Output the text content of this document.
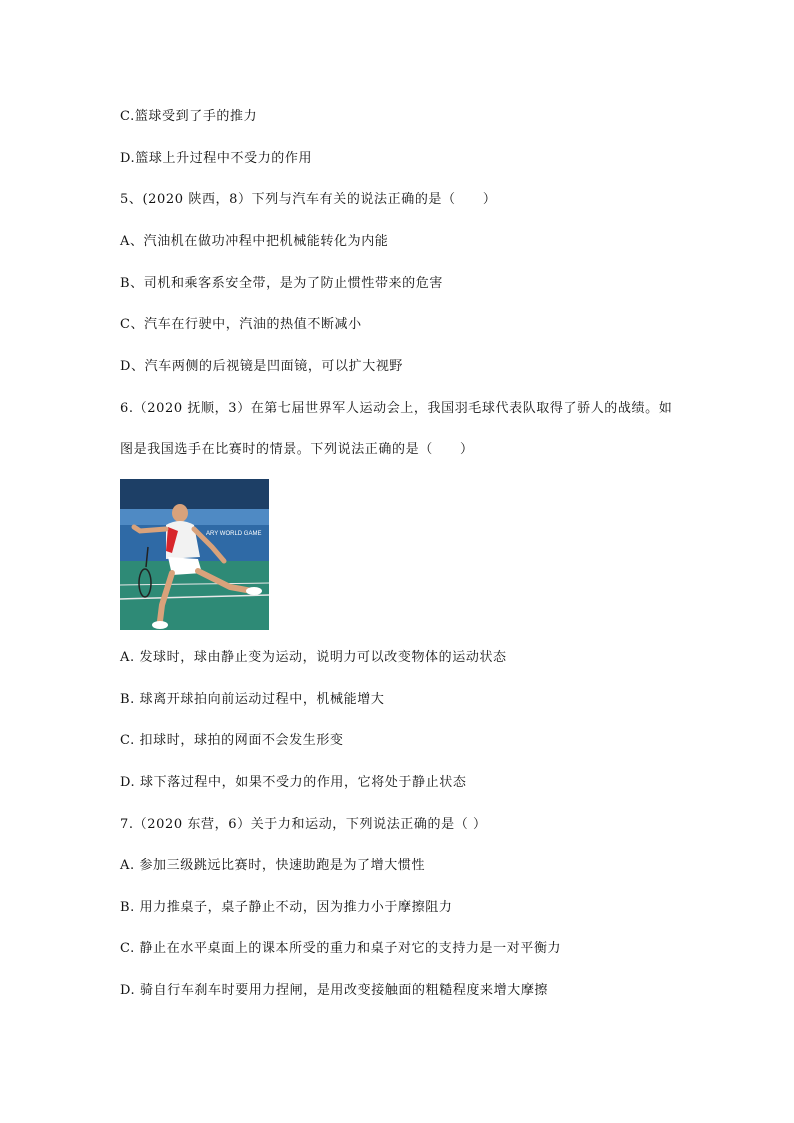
C.篮球受到了手的推力
D.篮球上升过程中不受力的作用
5、(2020 陕西，8）下列与汽车有关的说法正确的是（　　）
A、汽油机在做功冲程中把机械能转化为内能
B、司机和乘客系安全带，是为了防止惯性带来的危害
C、汽车在行驶中，汽油的热值不断减小
D、汽车两侧的后视镜是凹面镜，可以扩大视野
6.（2020 抚顺，3）在第七届世界军人运动会上，我国羽毛球代表队取得了骄人的战绩。如
图是我国选手在比赛时的情景。下列说法正确的是（　　）
ARY WORLD GAME
A. 发球时，球由静止变为运动，说明力可以改变物体的运动状态
B. 球离开球拍向前运动过程中，机械能增大
C. 扣球时，球拍的网面不会发生形变
D. 球下落过程中，如果不受力的作用，它将处于静止状态
7.（2020 东营，6）关于力和运动，下列说法正确的是（ ）
A. 参加三级跳远比赛时，快速助跑是为了增大惯性
B. 用力推桌子，桌子静止不动，因为推力小于摩擦阻力
C. 静止在水平桌面上的课本所受的重力和桌子对它的支持力是一对平衡力
D. 骑自行车刹车时要用力捏闸，是用改变接触面的粗糙程度来增大摩擦
